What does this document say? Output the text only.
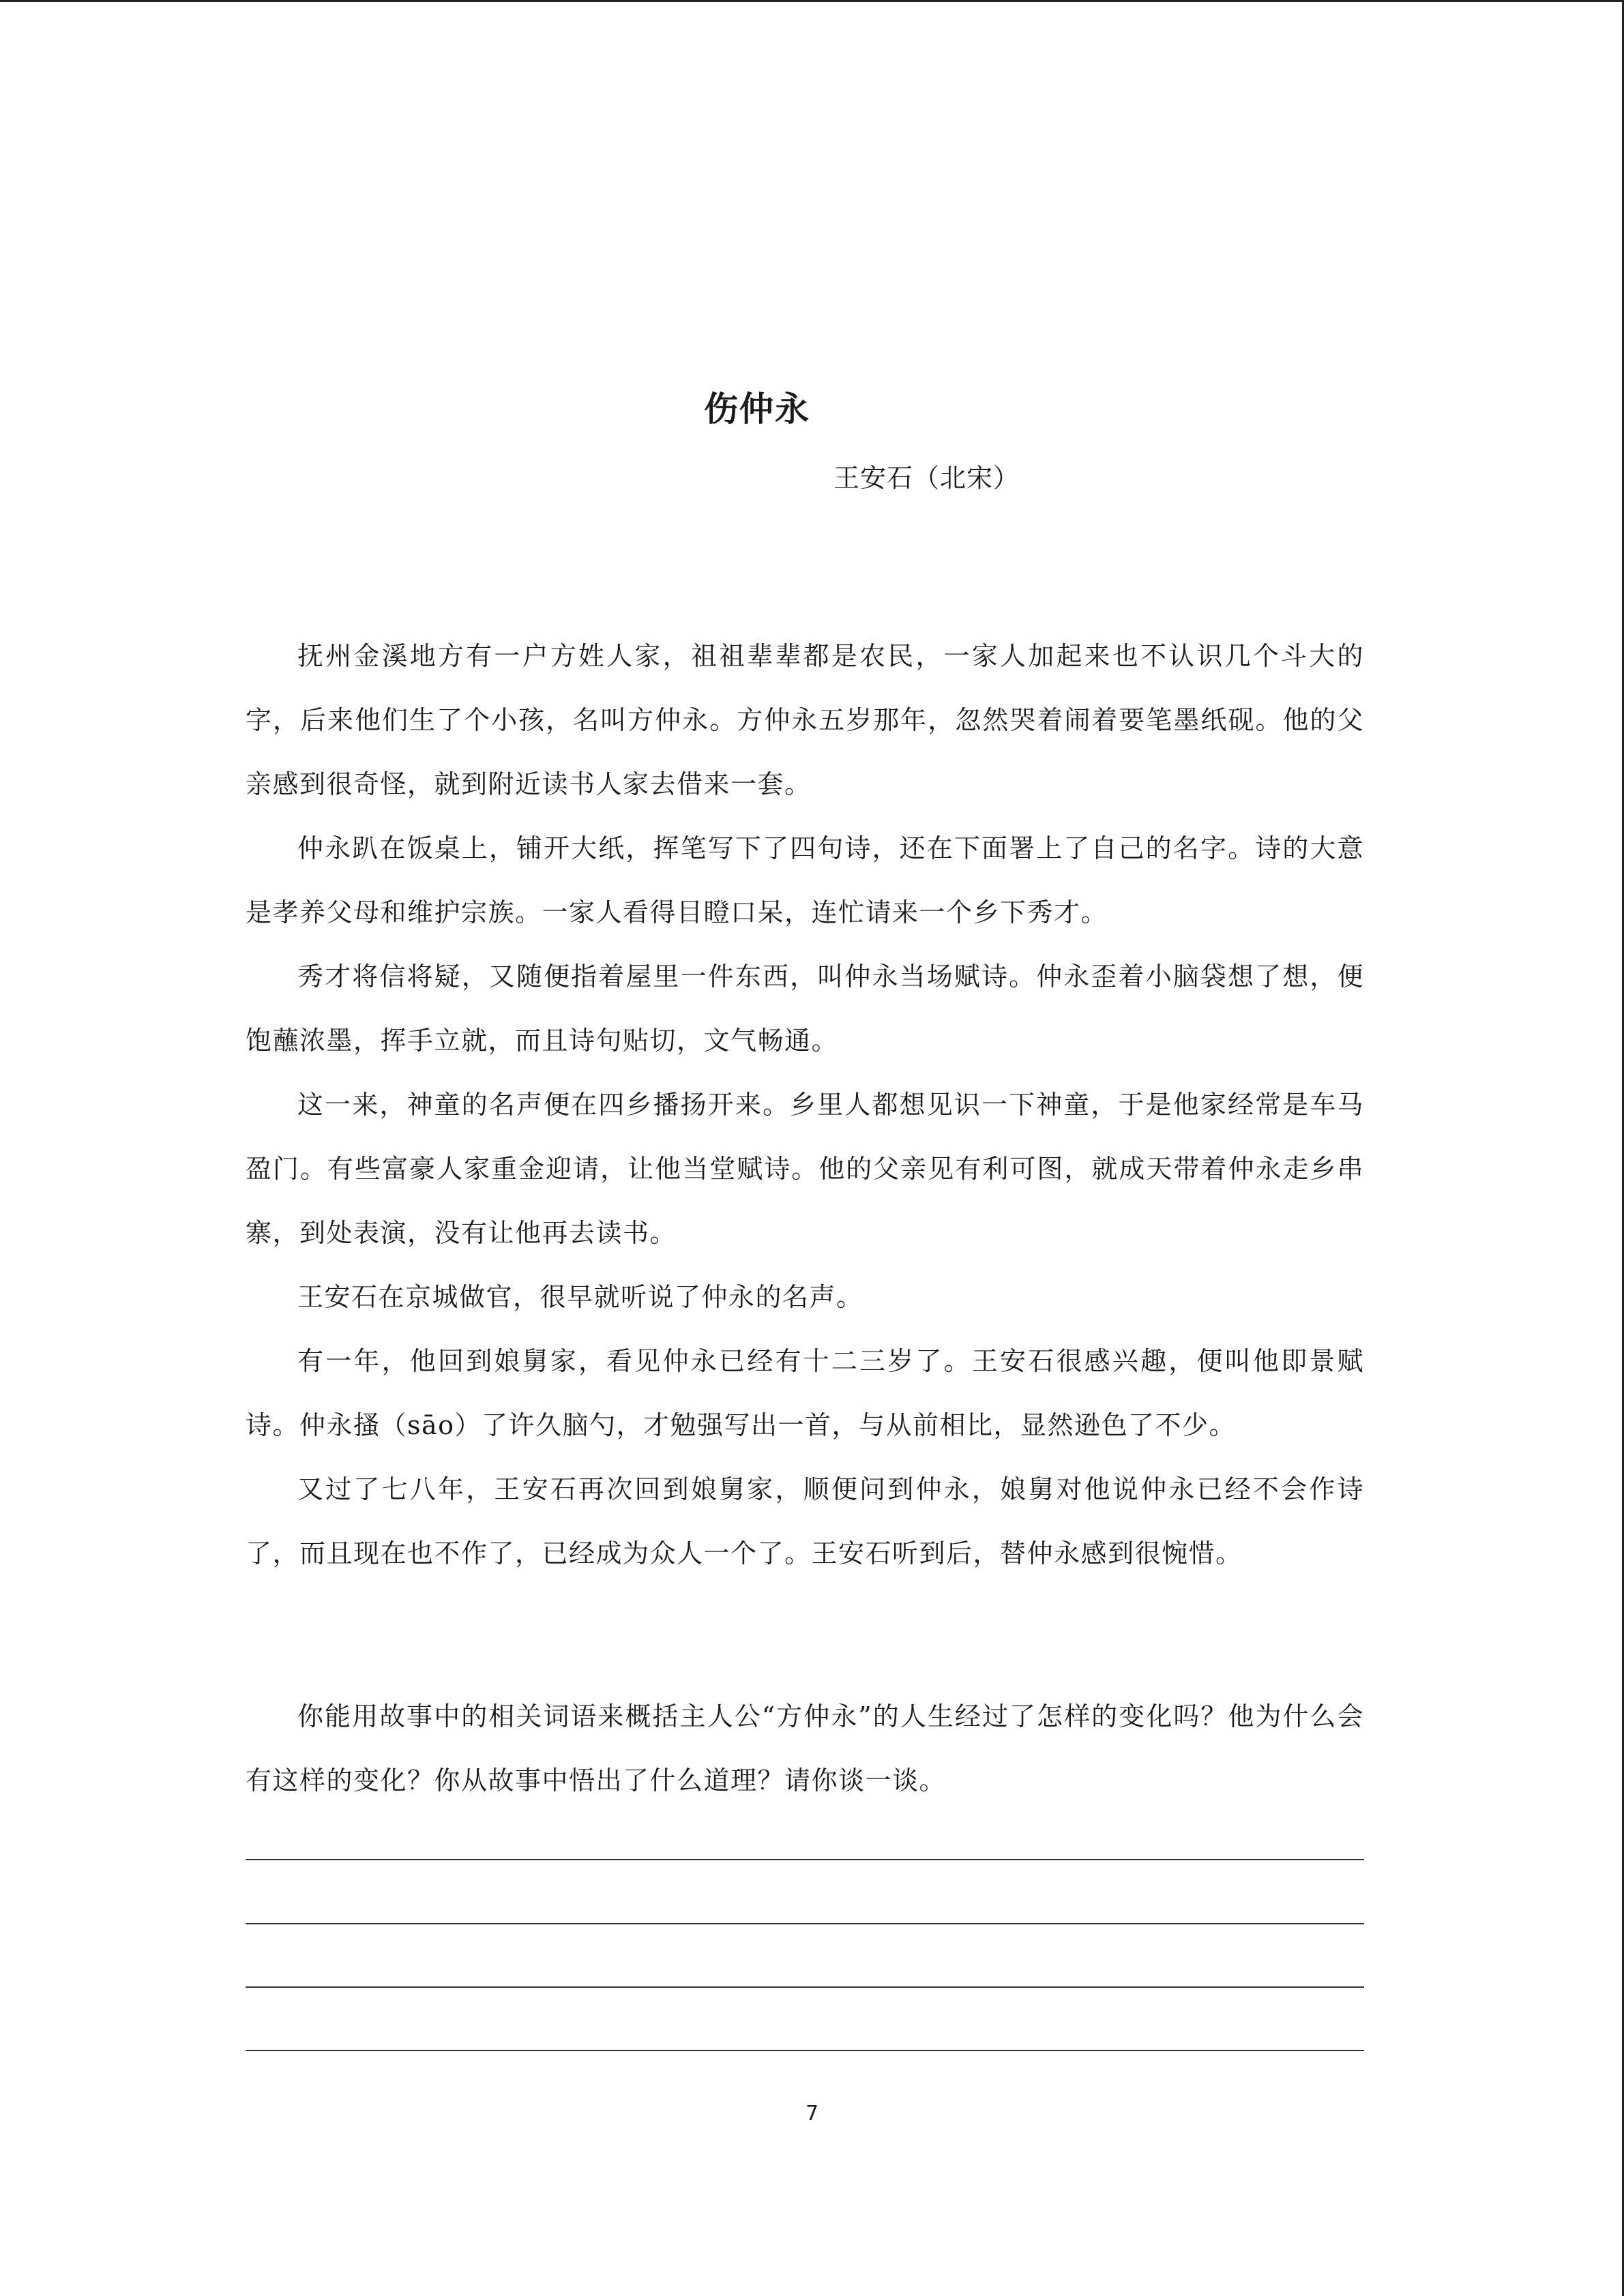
伤仲永
王安石（北宋）

抚州金溪地方有一户方姓人家，祖祖辈辈都是农民，一家人加起来也不认识几个斗大的字，后来他们生了个小孩，名叫方仲永。方仲永五岁那年，忽然哭着闹着要笔墨纸砚。他的父亲感到很奇怪，就到附近读书人家去借来一套。

仲永趴在饭桌上，铺开大纸，挥笔写下了四句诗，还在下面署上了自己的名字。诗的大意是孝养父母和维护宗族。一家人看得目瞪口呆，连忙请来一个乡下秀才。

秀才将信将疑，又随便指着屋里一件东西，叫仲永当场赋诗。仲永歪着小脑袋想了想，便饱蘸浓墨，挥手立就，而且诗句贴切，文气畅通。

这一来，神童的名声便在四乡播扬开来。乡里人都想见识一下神童，于是他家经常是车马盈门。有些富豪人家重金迎请，让他当堂赋诗。他的父亲见有利可图，就成天带着仲永走乡串寨，到处表演，没有让他再去读书。

王安石在京城做官，很早就听说了仲永的名声。

有一年，他回到娘舅家，看见仲永已经有十二三岁了。王安石很感兴趣，便叫他即景赋诗。仲永搔（sāo）了许久脑勺，才勉强写出一首，与从前相比，显然逊色了不少。

又过了七八年，王安石再次回到娘舅家，顺便问到仲永，娘舅对他说仲永已经不会作诗了，而且现在也不作了，已经成为众人一个了。王安石听到后，替仲永感到很惋惜。

你能用故事中的相关词语来概括主人公“方仲永”的人生经过了怎样的变化吗？他为什么会有这样的变化？你从故事中悟出了什么道理？请你谈一谈。

7
